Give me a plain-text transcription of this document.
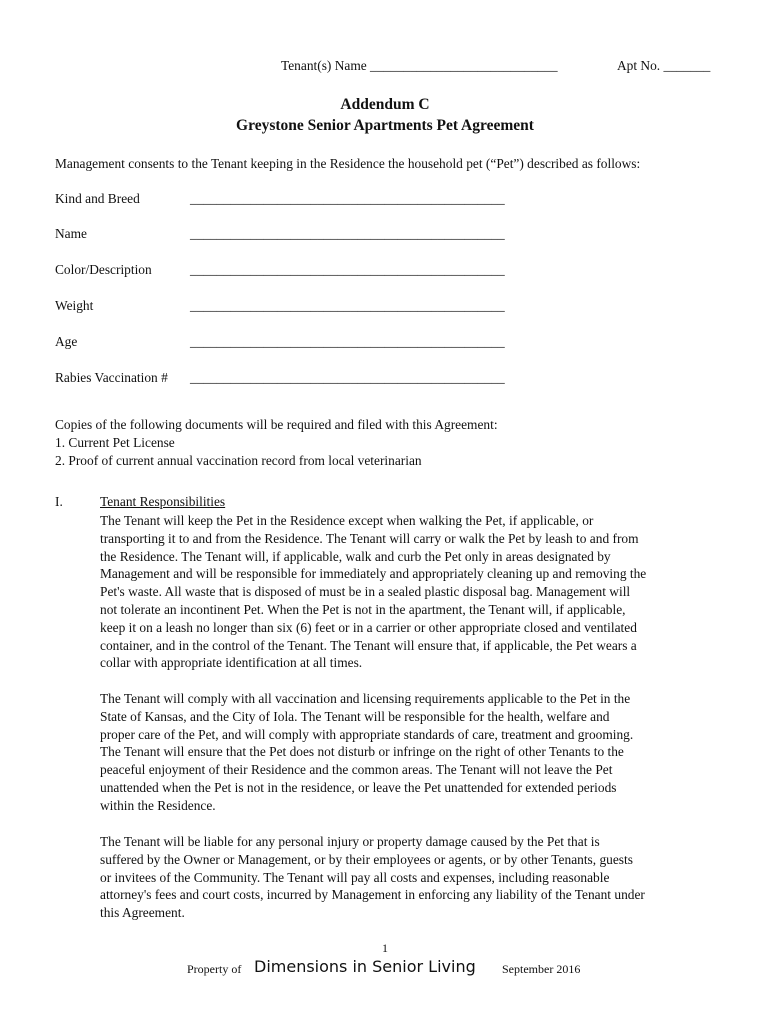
Tenant(s) Name ____________________________	Apt No. _______
Addendum C
Greystone Senior Apartments Pet Agreement
Management consents to the Tenant keeping in the Residence the household pet (“Pet”) described as follows:
Kind and Breed	_______________________________________________
Name	_______________________________________________
Color/Description	_______________________________________________
Weight	_______________________________________________
Age	_______________________________________________
Rabies Vaccination # _______________________________________________
Copies of the following documents will be required and filed with this Agreement:
1. Current Pet License
2. Proof of current annual vaccination record from local veterinarian
I.	Tenant Responsibilities
The Tenant will keep the Pet in the Residence except when walking the Pet, if applicable, or
transporting it to and from the Residence. The Tenant will carry or walk the Pet by leash to and from
the Residence. The Tenant will, if applicable, walk and curb the Pet only in areas designated by
Management and will be responsible for immediately and appropriately cleaning up and removing the
Pet's waste. All waste that is disposed of must be in a sealed plastic disposal bag. Management will
not tolerate an incontinent Pet. When the Pet is not in the apartment, the Tenant will, if applicable,
keep it on a leash no longer than six (6) feet or in a carrier or other appropriate closed and ventilated
container, and in the control of the Tenant. The Tenant will ensure that, if applicable, the Pet wears a
collar with appropriate identification at all times.
The Tenant will comply with all vaccination and licensing requirements applicable to the Pet in the
State of Kansas, and the City of Iola. The Tenant will be responsible for the health, welfare and
proper care of the Pet, and will comply with appropriate standards of care, treatment and grooming.
The Tenant will ensure that the Pet does not disturb or infringe on the right of other Tenants to the
peaceful enjoyment of their Residence and the common areas. The Tenant will not leave the Pet
unattended when the Pet is not in the residence, or leave the Pet unattended for extended periods
within the Residence.
The Tenant will be liable for any personal injury or property damage caused by the Pet that is
suffered by the Owner or Management, or by their employees or agents, or by other Tenants, guests
or invitees of the Community. The Tenant will pay all costs and expenses, including reasonable
attorney's fees and court costs, incurred by Management in enforcing any liability of the Tenant under
this Agreement.
1
Property of Dimensions in Senior Living September 2016
